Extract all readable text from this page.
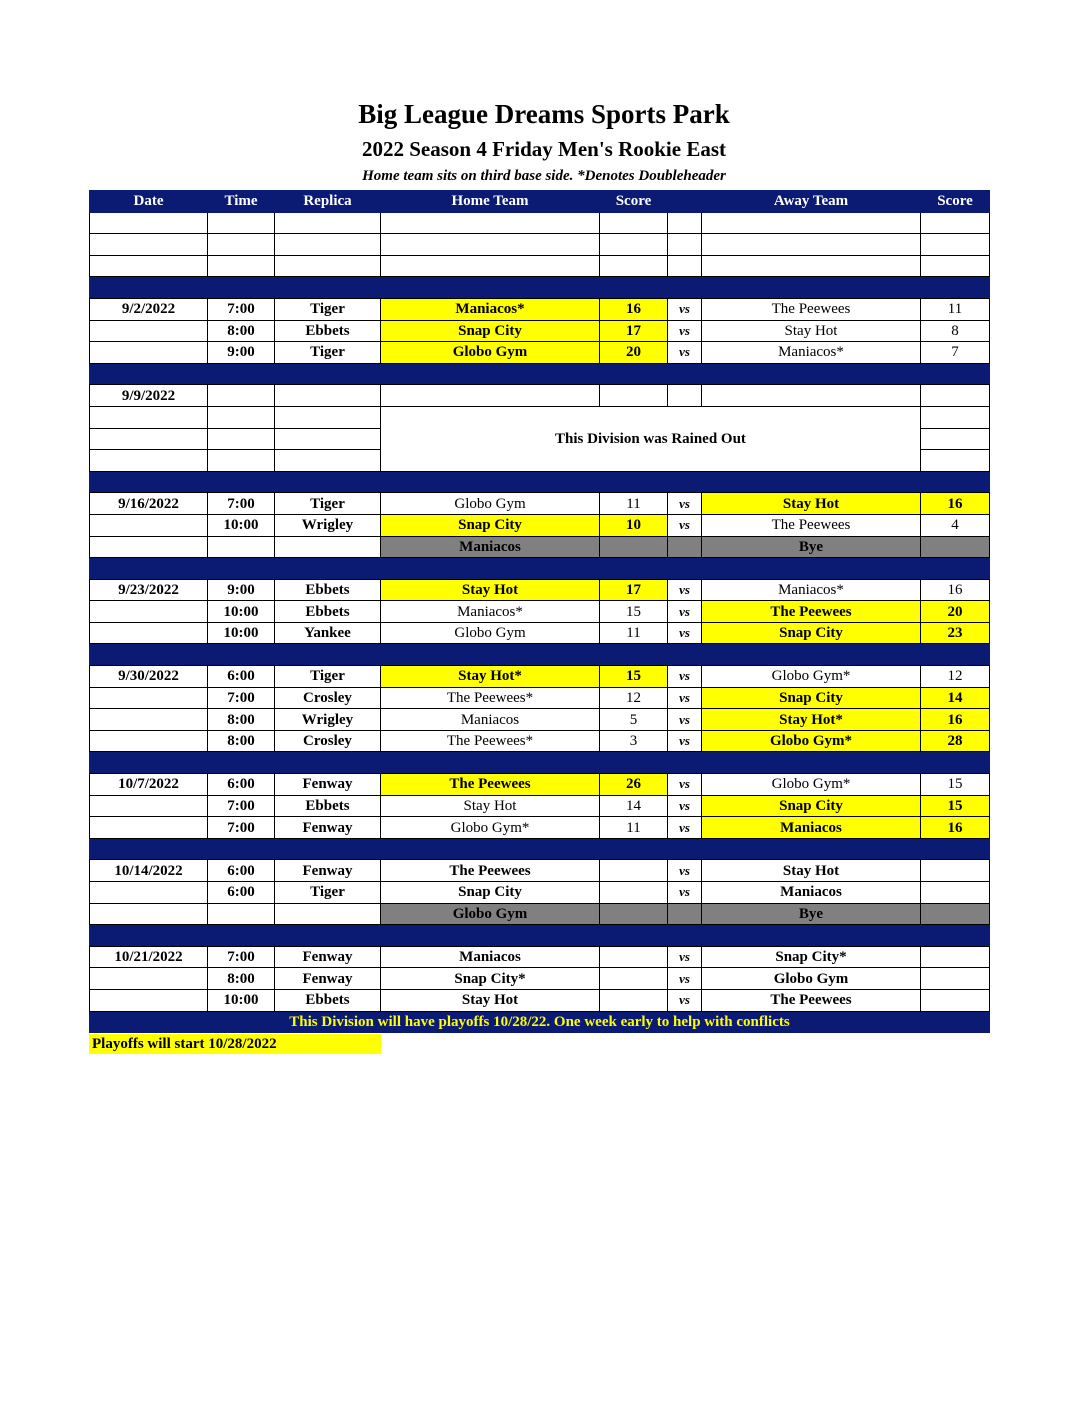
Big League Dreams Sports Park
2022 Season 4 Friday Men's Rookie East
Home team sits on third base side. *Denotes Doubleheader
Date	Time	Replica	Home Team	Score		Away Team	Score

9/2/2022	7:00	Tiger	Maniacos*	16	vs	The Peewees	11
	8:00	Ebbets	Snap City	17	vs	Stay Hot	8
	9:00	Tiger	Globo Gym	20	vs	Maniacos*	7

9/9/2022							
			This Division was Rained Out				

9/16/2022	7:00	Tiger	Globo Gym	11	vs	Stay Hot	16
	10:00	Wrigley	Snap City	10	vs	The Peewees	4
			Maniacos			Bye	

9/23/2022	9:00	Ebbets	Stay Hot	17	vs	Maniacos*	16
	10:00	Ebbets	Maniacos*	15	vs	The Peewees	20
	10:00	Yankee	Globo Gym	11	vs	Snap City	23

9/30/2022	6:00	Tiger	Stay Hot*	15	vs	Globo Gym*	12
	7:00	Crosley	The Peewees*	12	vs	Snap City	14
	8:00	Wrigley	Maniacos	5	vs	Stay Hot*	16
	8:00	Crosley	The Peewees*	3	vs	Globo Gym*	28

10/7/2022	6:00	Fenway	The Peewees	26	vs	Globo Gym*	15
	7:00	Ebbets	Stay Hot	14	vs	Snap City	15
	7:00	Fenway	Globo Gym*	11	vs	Maniacos	16

10/14/2022	6:00	Fenway	The Peewees		vs	Stay Hot	
	6:00	Tiger	Snap City		vs	Maniacos	
			Globo Gym			Bye	

10/21/2022	7:00	Fenway	Maniacos		vs	Snap City*	
	8:00	Fenway	Snap City*		vs	Globo Gym	
	10:00	Ebbets	Stay Hot		vs	The Peewees	
This Division will have playoffs 10/28/22. One week early to help with conflicts							
Playoffs will start 10/28/2022
